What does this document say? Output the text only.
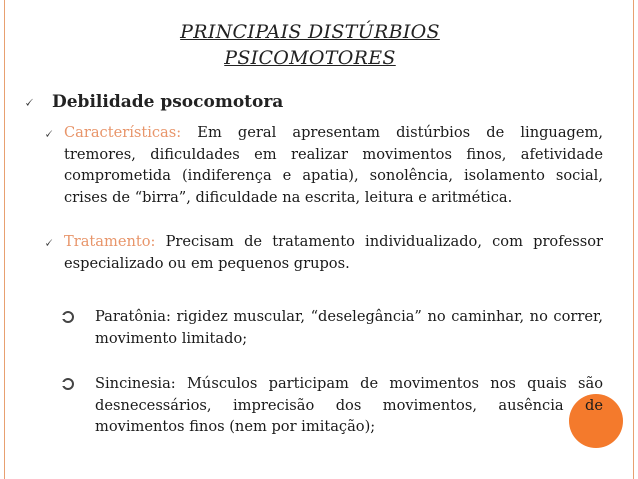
PRINCIPAIS DISTÚRBIOS
PSICOMOTORES
🗸 Debilidade psocomotora
🗸 Características: Em geral apresentam distúrbios de linguagem, tremores, dificuldades em realizar movimentos finos, afetividade comprometida (indiferença e apatia), sonolência, isolamento social, crises de “birra”, dificuldade na escrita, leitura e aritmética.
🗸 Tratamento: Precisam de tratamento individualizado, com professor especializado ou em pequenos grupos.
Paratônia: rigidez muscular, “deselegância” no caminhar, no correr, movimento limitado;
Sincinesia: Músculos participam de movimentos nos quais são desnecessários, imprecisão dos movimentos, ausência de movimentos finos (nem por imitação);
